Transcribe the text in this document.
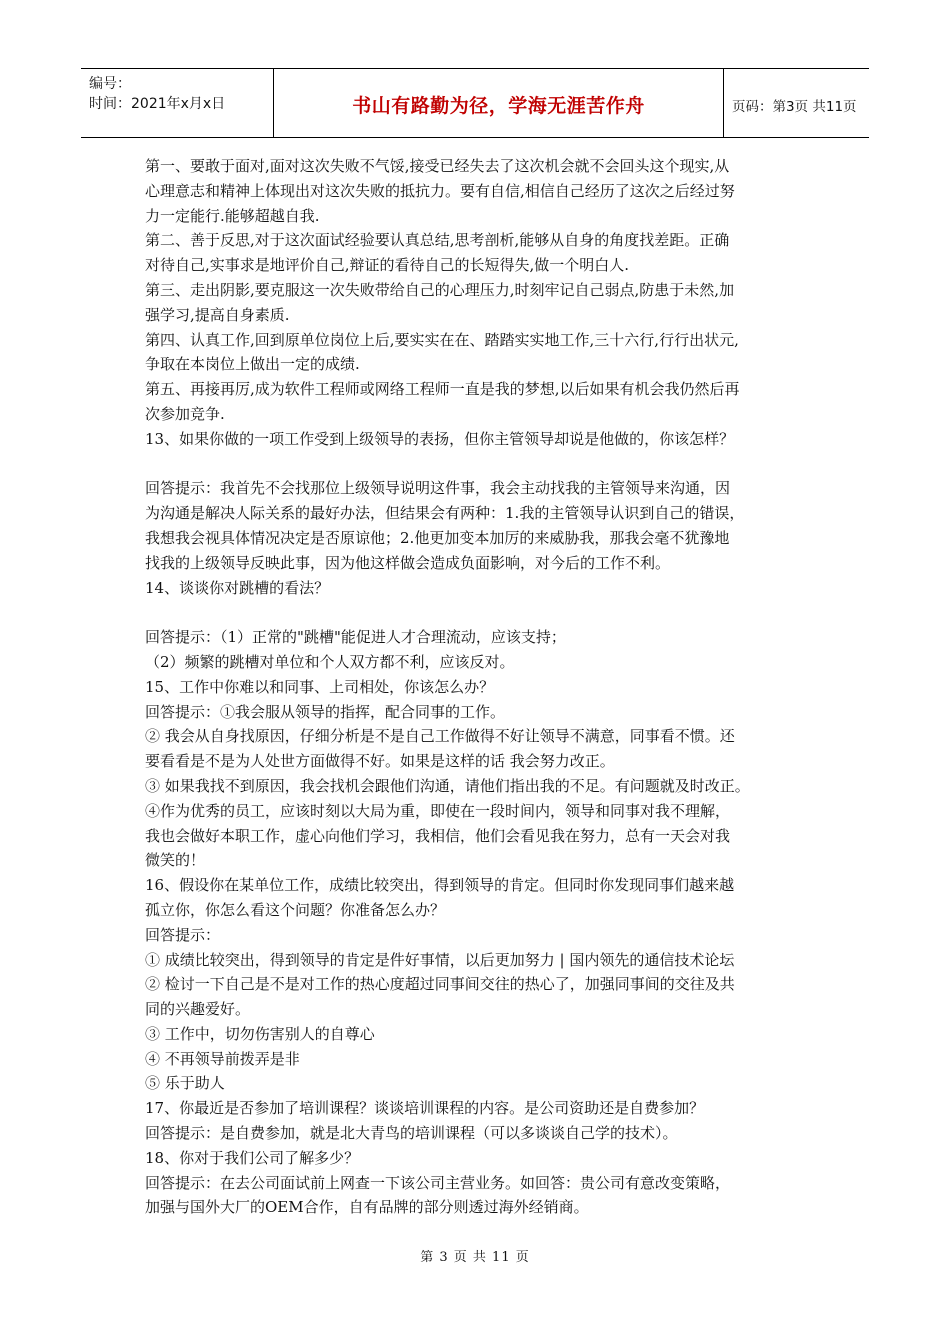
编号：
时间：2021年x月x日	书山有路勤为径，学海无涯苦作舟	页码：第3页 共11页
第一、要敢于面对,面对这次失败不气馁,接受已经失去了这次机会就不会回头这个现实,从
心理意志和精神上体现出对这次失败的抵抗力。要有自信,相信自己经历了这次之后经过努
力一定能行.能够超越自我.
第二、善于反思,对于这次面试经验要认真总结,思考剖析,能够从自身的角度找差距。正确
对待自己,实事求是地评价自己,辩证的看待自己的长短得失,做一个明白人.
第三、走出阴影,要克服这一次失败带给自己的心理压力,时刻牢记自己弱点,防患于未然,加
强学习,提高自身素质.
第四、认真工作,回到原单位岗位上后,要实实在在、踏踏实实地工作,三十六行,行行出状元,
争取在本岗位上做出一定的成绩.
第五、再接再厉,成为软件工程师或网络工程师一直是我的梦想,以后如果有机会我仍然后再
次参加竞争.
13、如果你做的一项工作受到上级领导的表扬，但你主管领导却说是他做的，你该怎样？
回答提示：我首先不会找那位上级领导说明这件事，我会主动找我的主管领导来沟通，因
为沟通是解决人际关系的最好办法，但结果会有两种：1.我的主管领导认识到自己的错误，
我想我会视具体情况决定是否原谅他；2.他更加变本加厉的来威胁我，那我会毫不犹豫地
找我的上级领导反映此事，因为他这样做会造成负面影响，对今后的工作不利。
14、谈谈你对跳槽的看法？
回答提示：（1）正常的"跳槽"能促进人才合理流动，应该支持；
（2）频繁的跳槽对单位和个人双方都不利，应该反对。
15、工作中你难以和同事、上司相处，你该怎么办？
回答提示：①我会服从领导的指挥，配合同事的工作。
② 我会从自身找原因，仔细分析是不是自己工作做得不好让领导不满意，同事看不惯。还
要看看是不是为人处世方面做得不好。如果是这样的话 我会努力改正。
③ 如果我找不到原因，我会找机会跟他们沟通，请他们指出我的不足。有问题就及时改正。
④作为优秀的员工，应该时刻以大局为重，即使在一段时间内，领导和同事对我不理解，
我也会做好本职工作，虚心向他们学习，我相信，他们会看见我在努力，总有一天会对我
微笑的！
16、假设你在某单位工作，成绩比较突出，得到领导的肯定。但同时你发现同事们越来越
孤立你，你怎么看这个问题？你准备怎么办？
回答提示：
① 成绩比较突出，得到领导的肯定是件好事情，以后更加努力 | 国内领先的通信技术论坛
② 检讨一下自己是不是对工作的热心度超过同事间交往的热心了，加强同事间的交往及共
同的兴趣爱好。
③ 工作中，切勿伤害别人的自尊心
④ 不再领导前拨弄是非
⑤ 乐于助人
17、你最近是否参加了培训课程？谈谈培训课程的内容。是公司资助还是自费参加？
回答提示：是自费参加，就是北大青鸟的培训课程（可以多谈谈自己学的技术）。
18、你对于我们公司了解多少？
回答提示：在去公司面试前上网查一下该公司主营业务。如回答：贵公司有意改变策略，
加强与国外大厂的OEM合作，自有品牌的部分则透过海外经销商。
第 3 页 共 11 页
